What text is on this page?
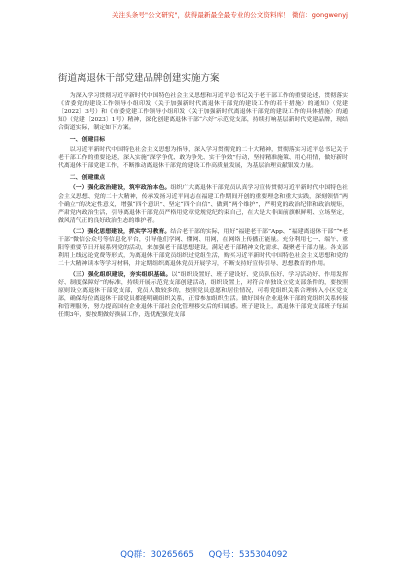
关注头条号"公文研究"，获得最新最全最专业的公文资料库！ 微信：gongwenyj
街道离退休干部党建品牌创建实施方案

为深入学习贯彻习近平新时代中国特色社会主义思想和习近平总书记关于老干部工作的重要论述，贯彻落实《省委党的建设工作领导小组印发〈关于加强新时代离退休干部党的建设工作的若干措施〉的通知》（党建〔2022〕3号）和《市委党建工作领导小组印发〈关于加强新时代离退休干部党的建设工作的具体措施〉的通知》（党建〔2023〕1号）精神，深化创建离退休干部“六好”示范党支部，持续打响基层新时代党建品牌，现结合街道实际，制定如下方案。

一、创建目标

以习近平新时代中国特色社会主义思想为指导，深入学习贯彻党的二十大精神，贯彻落实习近平总书记关于老干部工作的重要论述，深入实施“深学争优、敢为争先、实干争效”行动，坚持精准施策、用心用情，做好新时代离退休干部党建工作，不断推动离退休干部党的建设工作高质量发展，为基层治理贡献银发力量。

二、创建重点

（一）强化政治建设，筑牢政治本色。组织广大离退休干部党员认真学习宣传贯彻习近平新时代中国特色社会主义思想、党的二十大精神，传承发扬习近平同志在福建工作期间开创的重要理念和重大实践，深刻领悟“两个确立”的决定性意义，增强“四个意识”、坚定“四个自信”、做到“两个维护”，严明党的政治纪律和政治规矩，严肃党内政治生活，引导离退休干部党员严格用党章党规党纪约束自己，在大是大非面前旗帜鲜明、立场坚定，做风清气正的良好政治生态的维护者。

（二）强化思想建设，抓实学习教育。结合老干部的实际，用好“福建老干部”App、“福建离退休干部”“*老干部”微信公众号等信息化平台，引导他们学网、懂网、用网，在网络上传播正能量。充分利用七一、端午、重阳等重要节日开展系列党的活动，来加强老干部思想建设，满足老干部精神文化需求、凝聚老干部力量。各支部利用上线远论党费等形式，为离退休干部党员组织过党组生活，购买习近平新时代中国特色社会主义思想和党的二十大精神读本等学习材料，并定期组织离退休党员开展学习，不断支持好宣传引导、思想教育的作用。

（三）强化组织建设，夯实组织基础。以“组织设置好、班子建设好、党员队伍好、学习活动好、作用发挥好、制度保障好”的标准，持续开展示范党支部创建活动，组织设置上，对符合单独设立党支部条件的，要按照原则设立离退休干部党支部，党员人数较多的，按照党员意愿和居住情况，可将党组织关系合理转入小区党支部，确保每位离退休干部党员都能明确组织关系，正常参加组织生活。做好国有企业退休干部的党组织关系转接和管理服务，努力提高国有企业退休干部社会化管理移交后的归属感。班子建设上，离退休干部党支部班子每届任期3年，要按期做好换届工作，选优配强党支部

QQ群：30265665 QQ号：535304092
